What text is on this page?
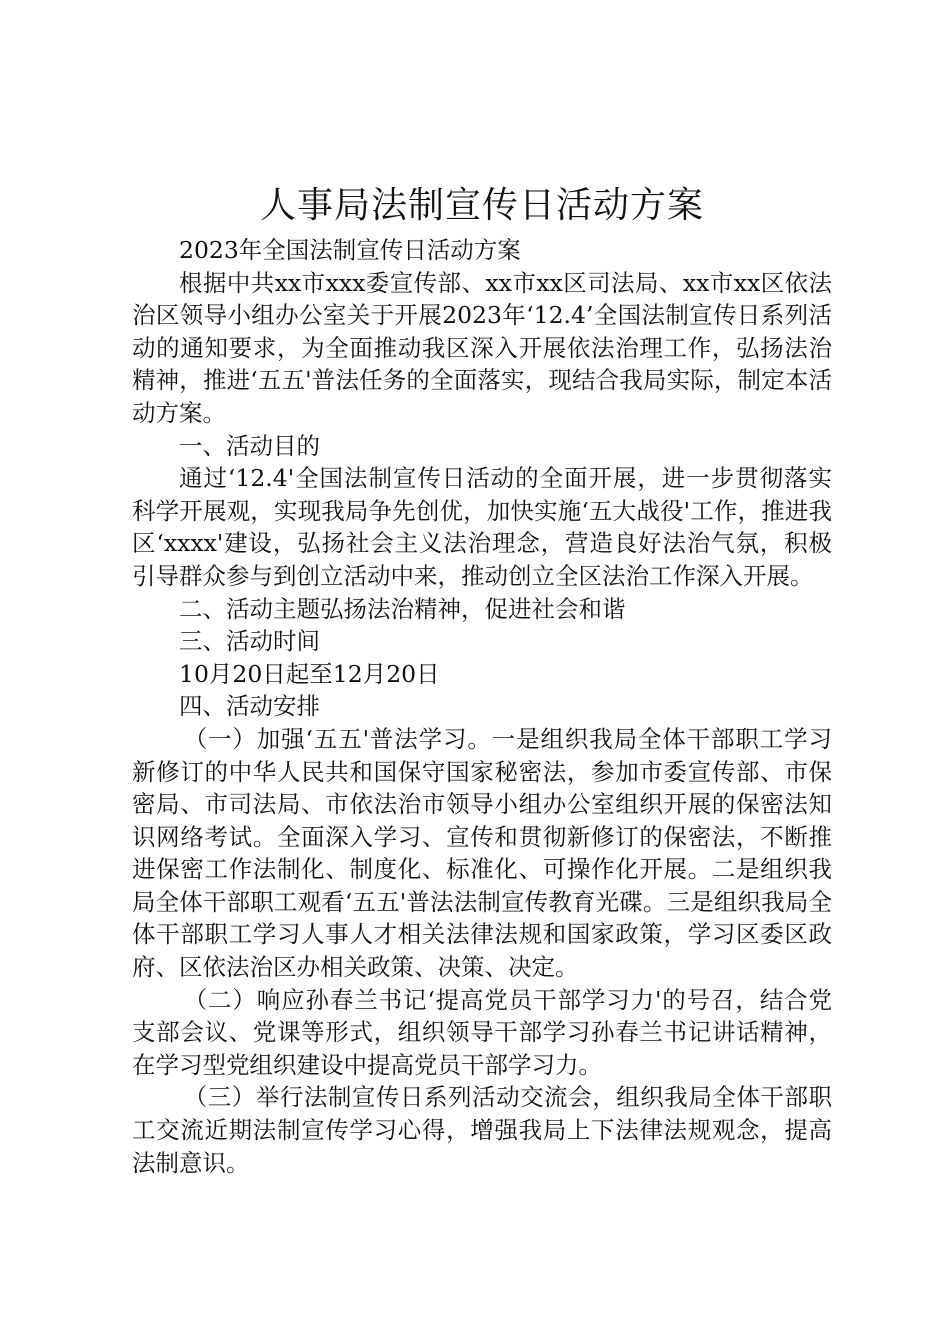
人事局法制宣传日活动方案

2023年全国法制宣传日活动方案

根据中共xx市xxx委宣传部、xx市xx区司法局、xx市xx区依法治区领导小组办公室关于开展2023年‘12.4’全国法制宣传日系列活动的通知要求，为全面推动我区深入开展依法治理工作，弘扬法治精神，推进‘五五'普法任务的全面落实，现结合我局实际，制定本活动方案。

一、活动目的

通过‘12.4'全国法制宣传日活动的全面开展，进一步贯彻落实科学开展观，实现我局争先创优，加快实施‘五大战役'工作，推进我区‘xxxx'建设，弘扬社会主义法治理念，营造良好法治气氛，积极引导群众参与到创立活动中来，推动创立全区法治工作深入开展。

二、活动主题弘扬法治精神，促进社会和谐

三、活动时间

10月20日起至12月20日

四、活动安排

（一）加强‘五五'普法学习。一是组织我局全体干部职工学习新修订的中华人民共和国保守国家秘密法，参加市委宣传部、市保密局、市司法局、市依法治市领导小组办公室组织开展的保密法知识网络考试。全面深入学习、宣传和贯彻新修订的保密法，不断推进保密工作法制化、制度化、标准化、可操作化开展。二是组织我局全体干部职工观看‘五五'普法法制宣传教育光碟。三是组织我局全体干部职工学习人事人才相关法律法规和国家政策，学习区委区政府、区依法治区办相关政策、决策、决定。

（二）响应孙春兰书记‘提高党员干部学习力'的号召，结合党支部会议、党课等形式，组织领导干部学习孙春兰书记讲话精神，在学习型党组织建设中提高党员干部学习力。

（三）举行法制宣传日系列活动交流会，组织我局全体干部职工交流近期法制宣传学习心得，增强我局上下法律法规观念，提高法制意识。
